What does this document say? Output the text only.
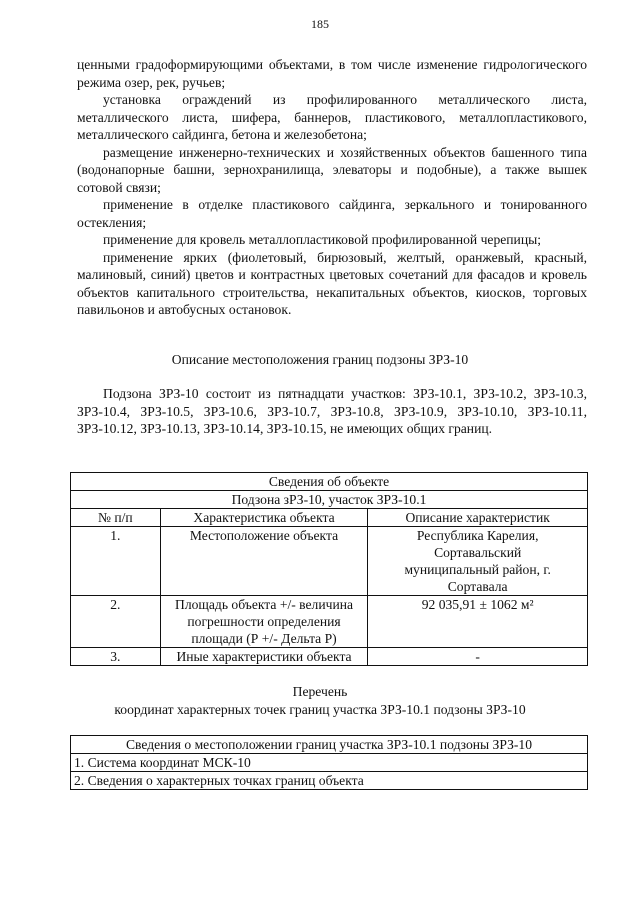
185

ценными градоформирующими объектами, в том числе изменение гидрологического режима озер, рек, ручьев;

установка ограждений из профилированного металлического листа, металлического листа, шифера, баннеров, пластикового, металлопластикового, металлического сайдинга, бетона и железобетона;

размещение инженерно-технических и хозяйственных объектов башенного типа (водонапорные башни, зернохранилища, элеваторы и подобные), а также вышек сотовой связи;

применение в отделке пластикового сайдинга, зеркального и тонированного остекления;

применение для кровель металлопластиковой профилированной черепицы;

применение ярких (фиолетовый, бирюзовый, желтый, оранжевый, красный, малиновый, синий) цветов и контрастных цветовых сочетаний для фасадов и кровель объектов капитального строительства, некапитальных объектов, киосков, торговых павильонов и автобусных остановок.

Описание местоположения границ подзоны ЗРЗ-10

Подзона ЗРЗ-10 состоит из пятнадцати участков: ЗРЗ-10.1, ЗРЗ-10.2, ЗРЗ-10.3, ЗРЗ-10.4, ЗРЗ-10.5, ЗРЗ-10.6, ЗРЗ-10.7, ЗРЗ-10.8, ЗРЗ-10.9, ЗРЗ-10.10, ЗРЗ-10.11, ЗРЗ-10.12, ЗРЗ-10.13, ЗРЗ-10.14, ЗРЗ-10.15, не имеющих общих границ.

Сведения об объекте		
Подзона зРЗ-10, участок ЗРЗ-10.1		
№ п/п	Характеристика объекта	Описание характеристик
1.	Местоположение объекта	Республика Карелия, Сортавальский муниципальный район, г. Сортавала
2.	Площадь объекта +/- величина погрешности определения площади (Р +/- Дельта Р)	92 035,91 ± 1062 м²
3.	Иные характеристики объекта	-
Перечень
координат характерных точек границ участка ЗРЗ-10.1 подзоны ЗРЗ-10
Сведения о местоположении границ участка ЗРЗ-10.1 подзоны ЗРЗ-10
1. Система координат МСК-10
2. Сведения о характерных точках границ объекта
